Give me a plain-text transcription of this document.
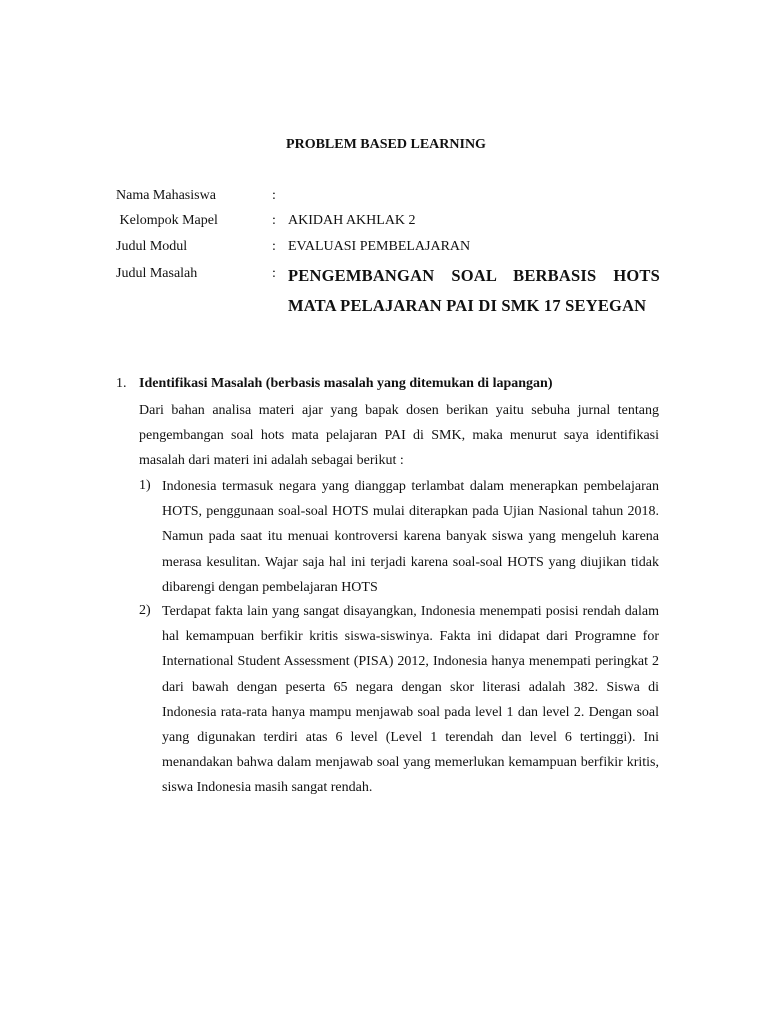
PROBLEM BASED LEARNING
Nama Mahasiswa	:
Kelompok Mapel	: AKIDAH AKHLAK 2
Judul Modul	: EVALUASI PEMBELAJARAN
Judul Masalah	: PENGEMBANGAN SOAL BERBASIS HOTS MATA PELAJARAN PAI DI SMK 17 SEYEGAN
1. Identifikasi Masalah (berbasis masalah yang ditemukan di lapangan)
Dari bahan analisa materi ajar yang bapak dosen berikan yaitu sebuha jurnal tentang pengembangan soal hots mata pelajaran PAI di SMK, maka menurut saya identifikasi masalah dari materi ini adalah sebagai berikut :
1) Indonesia termasuk negara yang dianggap terlambat dalam menerapkan pembelajaran HOTS, penggunaan soal-soal HOTS mulai diterapkan pada Ujian Nasional tahun 2018. Namun pada saat itu menuai kontroversi karena banyak siswa yang mengeluh karena merasa kesulitan. Wajar saja hal ini terjadi karena soal-soal HOTS yang diujikan tidak dibarengi dengan pembelajaran HOTS
2) Terdapat fakta lain yang sangat disayangkan, Indonesia menempati posisi rendah dalam hal kemampuan berfikir kritis siswa-siswinya. Fakta ini didapat dari Programne for International Student Assessment (PISA) 2012, Indonesia hanya menempati peringkat 2 dari bawah dengan peserta 65 negara dengan skor literasi adalah 382. Siswa di Indonesia rata-rata hanya mampu menjawab soal pada level 1 dan level 2. Dengan soal yang digunakan terdiri atas 6 level (Level 1 terendah dan level 6 tertinggi). Ini menandakan bahwa dalam menjawab soal yang memerlukan kemampuan berfikir kritis, siswa Indonesia masih sangat rendah.
